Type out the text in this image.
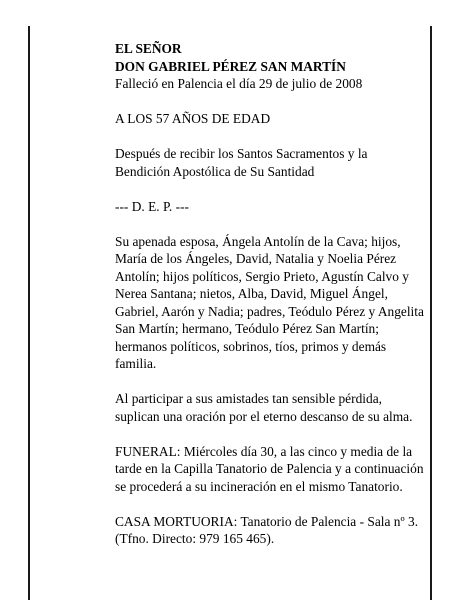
EL SEÑOR

DON GABRIEL PÉREZ SAN MARTÍN

Falleció en Palencia el día 29 de julio de 2008

A LOS 57 AÑOS DE EDAD

Después de recibir los Santos Sacramentos y la Bendición Apostólica de Su Santidad

--- D. E. P. ---

Su apenada esposa, Ángela Antolín de la Cava; hijos, María de los Ángeles, David, Natalia y Noelia Pérez Antolín; hijos políticos, Sergio Prieto, Agustín Calvo y Nerea Santana; nietos, Alba, David, Miguel Ángel, Gabriel, Aarón y Nadia; padres, Teódulo Pérez y Angelita San Martín; hermano, Teódulo Pérez San Martín; hermanos políticos, sobrinos, tíos, primos y demás familia.

Al participar a sus amistades tan sensible pérdida, suplican una oración por el eterno descanso de su alma.

FUNERAL: Miércoles día 30, a las cinco y media de la tarde en la Capilla Tanatorio de Palencia y a continuación se procederá a su incineración en el mismo Tanatorio.

CASA MORTUORIA: Tanatorio de Palencia - Sala nº 3. (Tfno. Directo: 979 165 465).
